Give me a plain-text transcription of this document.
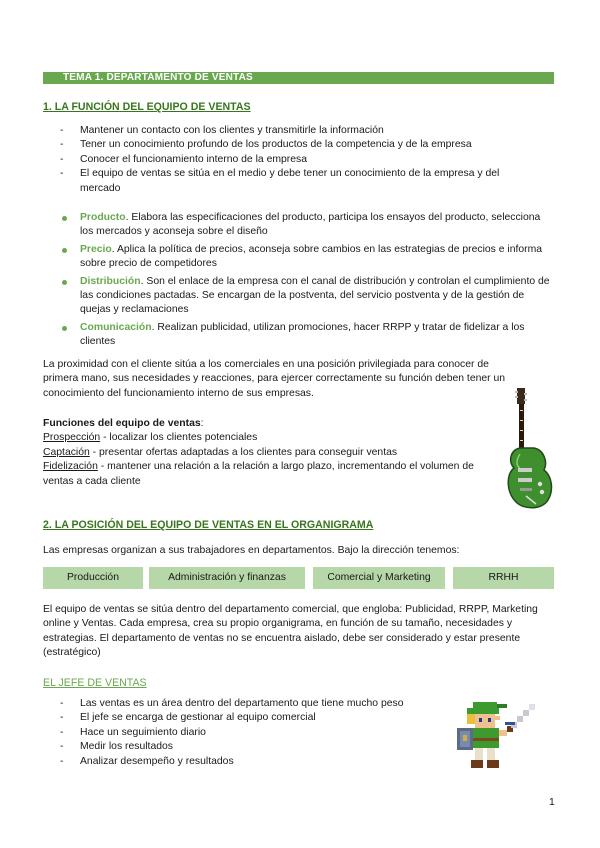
TEMA 1. DEPARTAMENTO DE VENTAS
1. LA FUNCIÓN DEL EQUIPO DE VENTAS
- Mantener un contacto con los clientes y transmitirle la información
- Tener un conocimiento profundo de los productos de la competencia y de la empresa
- Conocer el funcionamiento interno de la empresa
- El equipo de ventas se sitúa en el medio y debe tener un conocimiento de la empresa y del mercado
Producto. Elabora las especificaciones del producto, participa los ensayos del producto, selecciona los mercados y aconseja sobre el diseño
Precio. Aplica la política de precios, aconseja sobre cambios en las estrategias de precios e informa sobre precio de competidores
Distribución. Son el enlace de la empresa con el canal de distribución y controlan el cumplimiento de las condiciones pactadas. Se encargan de la postventa, del servicio postventa y de la gestión de quejas y reclamaciones
Comunicación. Realizan publicidad, utilizan promociones, hacer RRPP y tratar de fidelizar a los clientes
La proximidad con el cliente sitúa a los comerciales en una posición privilegiada para conocer de primera mano, sus necesidades y reacciones, para ejercer correctamente su función deben tener un conocimiento del funcionamiento interno de sus empresas.
Funciones del equipo de ventas:
Prospección - localizar los clientes potenciales
Captación - presentar ofertas adaptadas a los clientes para conseguir ventas
Fidelización - mantener una relación a la relación a largo plazo, incrementando el volumen de ventas a cada cliente
2. LA POSICIÓN DEL EQUIPO DE VENTAS EN EL ORGANIGRAMA
Las empresas organizan a sus trabajadores en departamentos. Bajo la dirección tenemos:
Producción	Administración y finanzas	Comercial y Marketing	RRHH
El equipo de ventas se sitúa dentro del departamento comercial, que engloba: Publicidad, RRPP, Marketing online y Ventas. Cada empresa, crea su propio organigrama, en función de su tamaño, necesidades y estrategias. El departamento de ventas no se encuentra aislado, debe ser considerado y estar presente (estratégico)
EL JEFE DE VENTAS
- Las ventas es un área dentro del departamento que tiene mucho peso
- El jefe se encarga de gestionar al equipo comercial
- Hace un seguimiento diario
- Medir los resultados
- Analizar desempeño y resultados
1
